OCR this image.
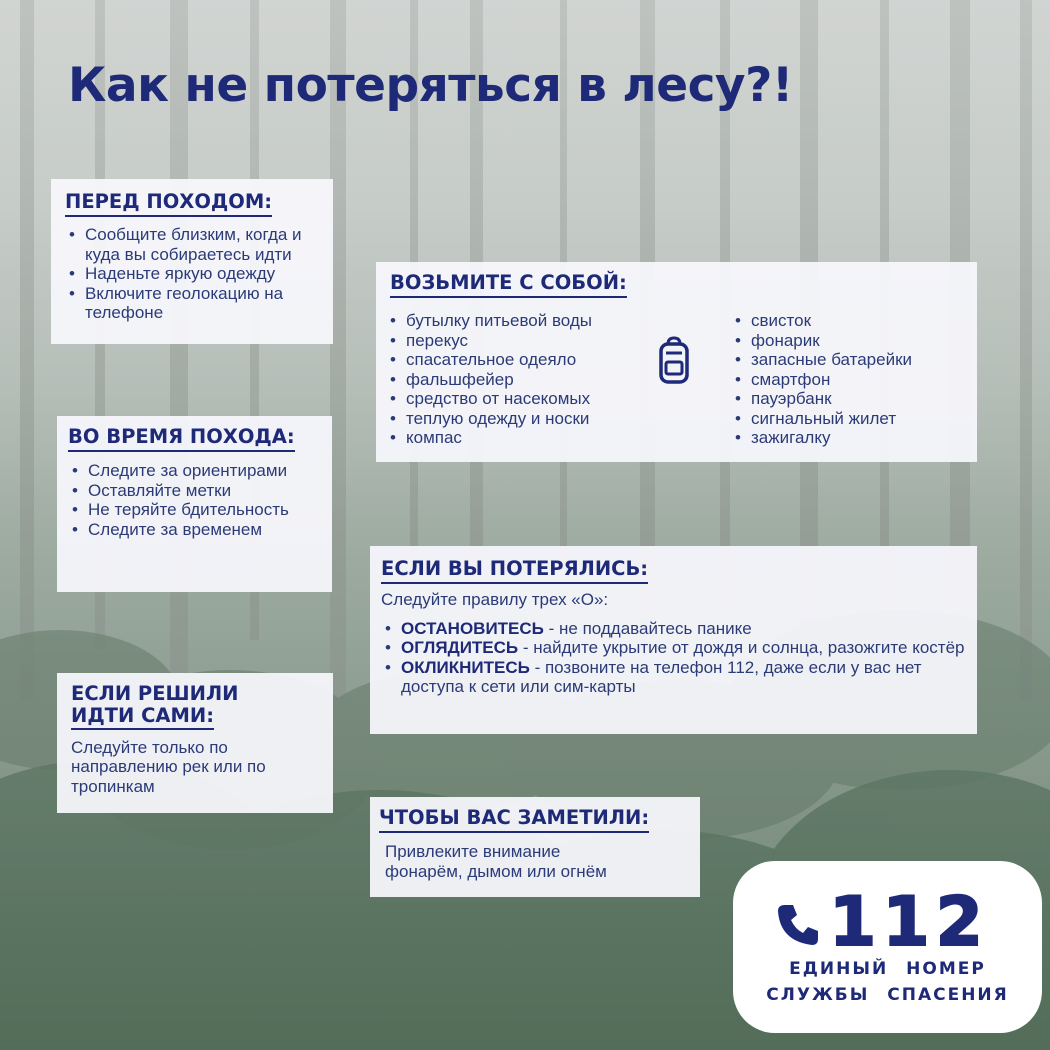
Как не потеряться в лесу?!
ПЕРЕД ПОХОДОМ:
• Сообщите близким, когда и куда вы собираетесь идти
• Наденьте яркую одежду
• Включите геолокацию на телефоне
ВО ВРЕМЯ ПОХОДА:
• Следите за ориентирами
• Оставляйте метки
• Не теряйте бдительность
• Следите за временем
ВОЗЬМИТЕ С СОБОЙ:
• бутылку питьевой воды
• перекус
• спасательное одеяло
• фальшфейер
• средство от насекомых
• теплую одежду и носки
• компас
• свисток
• фонарик
• запасные батарейки
• смартфон
• пауэрбанк
• сигнальный жилет
• зажигалку
ЕСЛИ ВЫ ПОТЕРЯЛИСЬ:
Следуйте правилу трех «О»:
• ОСТАНОВИТЕСЬ - не поддавайтесь панике
• ОГЛЯДИТЕСЬ - найдите укрытие от дождя и солнца, разожгите костёр
• ОКЛИКНИТЕСЬ - позвоните на телефон 112, даже если у вас нет доступа к сети или сим-карты
ЕСЛИ РЕШИЛИ
ИДТИ САМИ:
Следуйте только по направлению рек или по тропинкам
ЧТОБЫ ВАС ЗАМЕТИЛИ:
Привлеките внимание фонарём, дымом или огнём
112
ЕДИНЫЙ НОМЕР
СЛУЖБЫ СПАСЕНИЯ
